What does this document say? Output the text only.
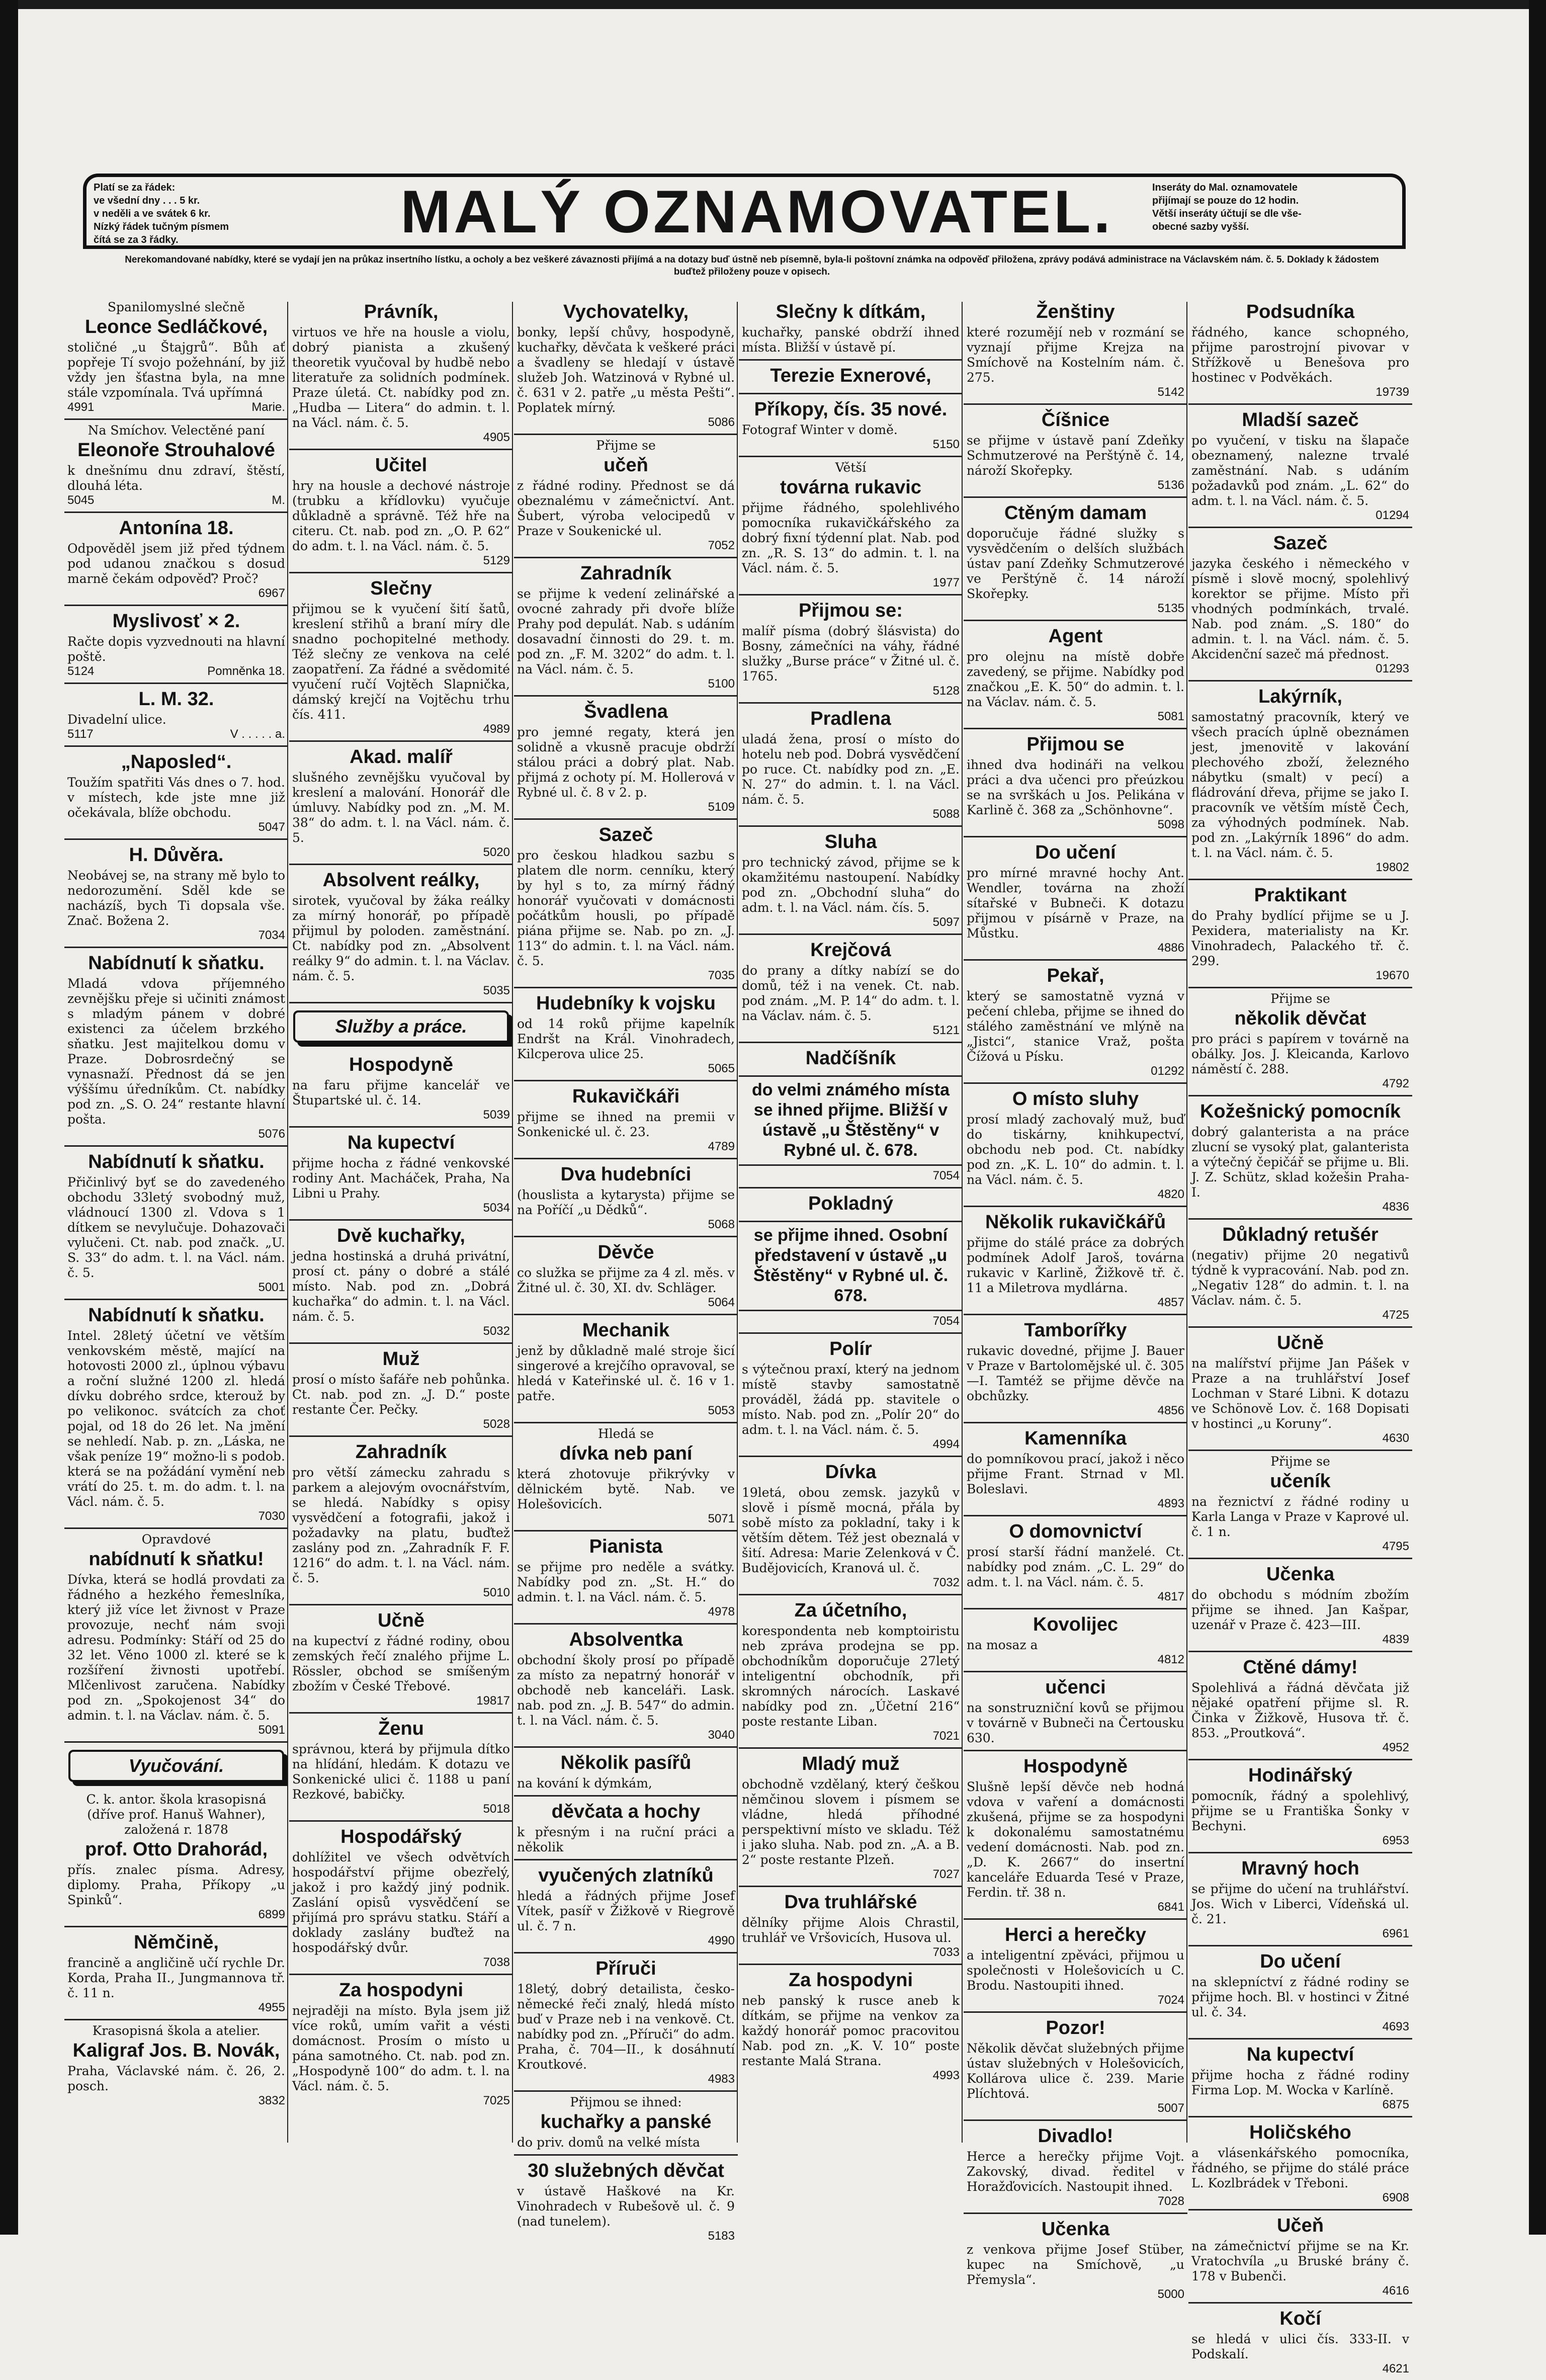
Platí se za řádek:
ve všední dny . . . 5 kr.
v neděli a ve svátek 6 kr.
Nízký řádek tučným písmem
čítá se za 3 řádky.	MALÝ OZNAMOVATEL.	Inseráty do Mal. oznamovatele
přijímají se pouze do 12 hodin.
Větší inseráty účtují se dle vše-
obecné sazby vyšší.
Nerekomandované nabídky, které se vydají jen na průkaz insertního lístku, a ocholy a bez veškeré závaznosti přijímá a na dotazy buď ústně neb písemně, byla-li poštovní známka na odpověď přiložena, zprávy podává administrace na Václavském nám. č. 5. Doklady k žádostem buďtež přiloženy pouze v opisech.
Spanilomyslné slečně
Leonce Sedláčkové,
stoličné „u Štajgrů“. Bůh ať popřeje Tí svojo požehnání, by již vždy jen šťastna byla, na mne stále vzpomínala. Tvá upřímná
4991	Marie.
Na Smíchov. Velectěné paní
Eleonoře Strouhalové
k dnešnímu dnu zdraví, štěstí, dlouhá léta.
5045	M.
Antonína 18.
Odpověděl jsem již před týdnem pod udanou značkou s dosud marně čekám odpověď? Proč?
6967
Myslivosť × 2.
Račte dopis vyzvednouti na hlavní poště.
5124	Pomněnka 18.
L. M. 32.
Divadelní ulice.
5117	V . . . . . a.
„Naposled“.
Toužím spatřiti Vás dnes o 7. hod. v místech, kde jste mne již očekávala, blíže obchodu.
5047
H. Důvěra.
Neobávej se, na strany mě bylo to nedorozumění. Sděl kde se nacházíš, bych Ti dopsala vše. Znač. Božena 2.
7034
Nabídnutí k sňatku.
Mladá vdova příjemného zevnějšku přeje si učiniti známost s mladým pánem v dobré existenci za účelem brzkého sňatku. Jest majitelkou domu v Praze. Dobrosrdečný se vynasnaží. Přednost dá se jen výššímu úředníkům. Ct. nabídky pod zn. „S. O. 24“ restante hlavní pošta.
5076
Nabídnutí k sňatku.
Přičinlivý byť se do zavedeného obchodu 33letý svobodný muž, vládnoucí 1300 zl. Vdova s 1 dítkem se nevylučuje. Dohazovači vylučeni. Ct. nab. pod značk. „U. S. 33“ do adm. t. l. na Václ. nám. č. 5.
5001
Nabídnutí k sňatku.
Intel. 28letý účetní ve větším venkovském městě, mající na hotovosti 2000 zl., úplnou výbavu a roční služné 1200 zl. hledá dívku dobrého srdce, kterouž by po velikonoc. svátcích za choť pojal, od 18 do 26 let. Na jmění se nehledí. Nab. p. zn. „Láska, ne však peníze 19“ možno-li s podob. která se na požádání vymění neb vrátí do 25. t. m. do adm. t. l. na Václ. nám. č. 5.
7030
Opravdové
nabídnutí k sňatku!
Dívka, která se hodlá provdati za řádného a hezkého řemeslníka, který již více let živnost v Praze provozuje, nechť nám svoji adresu. Podmínky: Stáří od 25 do 32 let. Věno 1000 zl. které se k rozšíření živnosti upotřebí. Mlčenlivost zaručena. Nabídky pod zn. „Spokojenost 34“ do admin. t. l. na Václav. nám. č. 5.
5091
Vyučování.
C. k. antor. škola krasopisná (dříve prof. Hanuš Wahner), založená r. 1878
prof. Otto Drahorád,
přís. znalec písma. Adresy, diplomy. Praha, Příkopy „u Spinků“.
6899
Němčině,
francině a angličině učí rychle Dr. Korda, Praha II., Jungmannova tř. č. 11 n.
4955
Krasopisná škola a atelier.
Kaligraf Jos. B. Novák,
Praha, Václavské nám. č. 26, 2. posch.
3832
Právník,
virtuos ve hře na housle a violu, dobrý pianista a zkušený theoretik vyučoval by hudbě nebo literatuře za solidních podmínek. Praze úletá. Ct. nabídky pod zn. „Hudba — Litera“ do admin. t. l. na Václ. nám. č. 5.
4905
Učitel
hry na housle a dechové nástroje (trubku a křídlovku) vyučuje důkladně a správně. Též hře na citeru. Ct. nab. pod zn. „O. P. 62“ do adm. t. l. na Václ. nám. č. 5.
5129
Slečny
přijmou se k vyučení šití šatů, kreslení střihů a braní míry dle snadno pochopitelné methody. Též slečny ze venkova na celé zaopatření. Za řádné a svědomité vyučení ručí Vojtěch Slapnička, dámský krejčí na Vojtěchu trhu čís. 411.
4989
Akad. malíř
slušného zevnějšku vyučoval by kreslení a malování. Honorář dle úmluvy. Nabídky pod zn. „M. M. 38“ do adm. t. l. na Václ. nám. č. 5.
5020
Absolvent reálky,
sirotek, vyučoval by žáka reálky za mírný honorář, po případě přijmul by poloden. zaměstnání. Ct. nabídky pod zn. „Absolvent reálky 9“ do admin. t. l. na Václav. nám. č. 5.
5035
Služby a práce.
Hospodyně
na faru přijme kancelář ve Štupartské ul. č. 14.
5039
Na kupectví
přijme hocha z řádné venkovské rodiny Ant. Macháček, Praha, Na Libni u Prahy.
5034
Dvě kuchařky,
jedna hostinská a druhá privátní, prosí ct. pány o dobré a stálé místo. Nab. pod zn. „Dobrá kuchařka“ do admin. t. l. na Václ. nám. č. 5.
5032
Muž
prosí o místo šafáře neb pohůnka. Ct. nab. pod zn. „J. D.“ poste restante Čer. Pečky.
5028
Zahradník
pro větší zámecku zahradu s parkem a alejovým ovocnářstvím, se hledá. Nabídky s opisy vysvědčení a fotografii, jakož i požadavky na platu, buďtež zaslány pod zn. „Zahradník F. F. 1216“ do adm. t. l. na Václ. nám. č. 5.
5010
Učně
na kupectví z řádné rodiny, obou zemských řečí znalého přijme L. Rössler, obchod se smíšeným zbožím v České Třebové.
19817
Ženu
správnou, která by přijmula dítko na hlídání, hledám. K dotazu ve Sonkenické ulici č. 1188 u paní Rezkové, babičky.
5018
Hospodářský
dohlížitel ve všech odvětvích hospodářství přijme obezřelý, jakož i pro každý jiný podnik. Zaslání opisů vysvědčení se přijímá pro správu statku. Stáří a doklady zaslány buďtež na hospodářský dvůr.
7038
Za hospodyni
nejraději na místo. Byla jsem již více roků, umím vařit a vésti domácnost. Prosím o místo u pána samotného. Ct. nab. pod zn. „Hospodyně 100“ do adm. t. l. na Václ. nám. č. 5.
7025
Vychovatelky,
bonky, lepší chůvy, hospodyně, kuchařky, děvčata k veškeré práci a švadleny se hledají v ústavě služeb Joh. Watzinová v Rybné ul. č. 631 v 2. patře „u města Pešti“. Poplatek mírný.
5086
Přijme se
učeň
z řádné rodiny. Přednost se dá obeznalému v zámečnictví. Ant. Šubert, výroba velocipedů v Praze v Soukenické ul.
7052
Zahradník
se přijme k vedení zelinářské a ovocné zahrady při dvoře blíže Prahy pod depulát. Nab. s udáním dosavadní činnosti do 29. t. m. pod zn. „F. M. 3202“ do adm. t. l. na Václ. nám. č. 5.
5100
Švadlena
pro jemné regaty, která jen solidně a vkusně pracuje obdrží stálou práci a dobrý plat. Nab. přijmá z ochoty pí. M. Hollerová v Rybné ul. č. 8 v 2. p.
5109
Sazeč
pro českou hladkou sazbu s platem dle norm. cenníku, který by hyl s to, za mírný řádný honorář vyučovati v domácnosti počátkům housli, po případě piána přijme se. Nab. po zn. „J. 113“ do admin. t. l. na Václ. nám. č. 5.
7035
Hudebníky k vojsku
od 14 roků přijme kapelník Endršt na Král. Vinohradech, Kilcperova ulice 25.
5065
Rukavičkáři
přijme se ihned na premii v Sonkenické ul. č. 23.
4789
Dva hudebníci
(houslista a kytarysta) přijme se na Poříčí „u Dědků“.
5068
Děvče
co služka se přijme za 4 zl. měs. v Žitné ul. č. 30, XI. dv. Schläger.
5064
Mechanik
jenž by důkladně malé stroje šicí singerové a krejčího opravoval, se hledá v Kateřinské ul. č. 16 v 1. patře.
5053
Hledá se
dívka neb paní
která zhotovuje přikrývky v dělnickém bytě. Nab. ve Holešovicích.
5071
Pianista
se přijme pro neděle a svátky. Nabídky pod zn. „St. H.“ do admin. t. l. na Václ. nám. č. 5.
4978
Absolventka
obchodní školy prosí po případě za místo za nepatrný honorář v obchodě neb kanceláři. Lask. nab. pod zn. „J. B. 547“ do admin. t. l. na Václ. nám. č. 5.
3040
Několik pasířů
na kování k dýmkám,
děvčata a hochy
k přesným i na ruční práci a několik
vyučených zlatníků
hledá a řádných přijme Josef Vítek, pasíř v Žižkově v Riegrově ul. č. 7 n.
4990
Příruči
18letý, dobrý detailista, česko-německé řeči znalý, hledá místo buď v Praze neb i na venkově. Ct. nabídky pod zn. „Příruči“ do adm. Praha, č. 704—II., k dosáhnutí Kroutkové.
4983
Přijmou se ihned:
kuchařky a panské
do priv. domů na velké místa
30 služebných děvčat
v ústavě Haškové na Kr. Vinohradech v Rubešově ul. č. 9 (nad tunelem).
5183
Slečny k dítkám,
kuchařky, panské obdrží ihned místa. Bližší v ústavě pí.
Terezie Exnerové,
Příkopy, čís. 35 nové.
Fotograf Winter v domě.
5150
Větší
továrna rukavic
přijme řádného, spolehlivého pomocníka rukavičkářského za dobrý fixní týdenní plat. Nab. pod zn. „R. S. 13“ do admin. t. l. na Václ. nám. č. 5.
1977
Přijmou se:
malíř písma (dobrý šlásvista) do Bosny, zámečníci na váhy, řádné služky „Burse práce“ v Žitné ul. č. 1765.
5128
Pradlena
uladá žena, prosí o místo do hotelu neb pod. Dobrá vysvědčení po ruce. Ct. nabídky pod zn. „E. N. 27“ do admin. t. l. na Václ. nám. č. 5.
5088
Sluha
pro technický závod, přijme se k okamžitému nastoupení. Nabídky pod zn. „Obchodní sluha“ do adm. t. l. na Václ. nám. čís. 5.
5097
Krejčová
do prany a dítky nabízí se do domů, též i na venek. Ct. nab. pod znám. „M. P. 14“ do adm. t. l. na Václav. nám. č. 5.
5121
Nadčíšník
do velmi známého místa se ihned přijme. Bližší v ústavě „u Štěstěny“ v Rybné ul. č. 678.
7054
Pokladný
se přijme ihned. Osobní představení v ústavě „u Štěstěny“ v Rybné ul. č. 678.
7054
Polír
s výtečnou praxí, který na jednom místě stavby samostatně prováděl, žádá pp. stavitele o místo. Nab. pod zn. „Polír 20“ do adm. t. l. na Václ. nám. č. 5.
4994
Dívka
19letá, obou zemsk. jazyků v slově i písmě mocná, přála by sobě místo za pokladní, taky i k větším dětem. Též jest obeznalá v šití. Adresa: Marie Zelenková v Č. Budějovicích, Kranová ul. č.
7032
Za účetního,
korespondenta neb komptoiristu neb zpráva prodejna se pp. obchodníkům doporučuje 27letý inteligentní obchodník, při skromných nárocích. Laskavé nabídky pod zn. „Účetní 216“ poste restante Liban.
7021
Mladý muž
obchodně vzdělaný, který češkou němčinou slovem i písmem se vládne, hledá příhodné perspektivní místo ve skladu. Též i jako sluha. Nab. pod zn. „A. a B. 2“ poste restante Plzeň.
7027
Dva truhlářské
dělníky přijme Alois Chrastil, truhlář ve Vršovicích, Husova ul.
7033
Za hospodyni
neb panský k rusce aneb k dítkám, se přijme na venkov za každý honorář pomoc pracovitou Nab. pod zn. „K. V. 10“ poste restante Malá Strana.
4993
Ženštiny
které rozumějí neb v rozmání se vyznají přijme Krejza na Smíchově na Kostelním nám. č. 275.
5142
Číšnice
se přijme v ústavě paní Zdeňky Schmutzerové na Perštýně č. 14, nároží Skořepky.
5136
Ctěným damam
doporučuje řádné služky s vysvědčením o delších službách ústav paní Zdeňky Schmutzerové ve Perštýně č. 14 nároží Skořepky.
5135
Agent
pro olejnu na místě dobře zavedený, se přijme. Nabídky pod značkou „E. K. 50“ do admin. t. l. na Václav. nám. č. 5.
5081
Přijmou se
ihned dva hodináři na velkou práci a dva učenci pro přeúzkou se na svrškách u Jos. Pelikána v Karlině č. 368 za „Schönhovne“.
5098
Do učení
pro mírné mravné hochy Ant. Wendler, továrna na zhoží sítařské v Bubneči. K dotazu přijmou v písárně v Praze, na Můstku.
4886
Pekař,
který se samostatně vyzná v pečení chleba, přijme se ihned do stálého zaměstnání ve mlýně na „Jistci“, stanice Vraž, pošta Čížová u Písku.
01292
O místo sluhy
prosí mladý zachovalý muž, buď do tiskárny, knihkupectví, obchodu neb pod. Ct. nabídky pod zn. „K. L. 10“ do admin. t. l. na Václ. nám. č. 5.
4820
Několik rukavičkářů
přijme do stálé práce za dobrých podmínek Adolf Jaroš, továrna rukavic v Karlině, Žižkově tř. č. 11 a Miletrova mydlárna.
4857
Tamborířky
rukavic dovedné, přijme J. Bauer v Praze v Bartolomějské ul. č. 305—I. Tamtéž se přijme děvče na obchůzky.
4856
Kamenníka
do pomníkovou prací, jakož i něco přijme Frant. Strnad v Ml. Boleslavi.
4893
O domovnictví
prosí starší řádní manželé. Ct. nabídky pod znám. „C. L. 29“ do adm. t. l. na Václ. nám. č. 5.
4817
Kovolijec
na mosaz a
4812
učenci
na sonstruzniční kovů se přijmou v továrně v Bubneči na Čertousku 630.
Hospodyně
Slušně lepší děvče neb hodná vdova v vaření a domácnosti zkušená, přijme se za hospodyni k dokonalému samostatnému vedení domácnosti. Nab. pod zn. „D. K. 2667“ do insertní kanceláře Eduarda Tesé v Praze, Ferdin. tř. 38 n.
6841
Herci a herečky
a inteligentní zpěváci, přijmou u společnosti v Holešovicích u C. Brodu. Nastoupiti ihned.
7024
Pozor!
Několik děvčat služebných přijme ústav služebných v Holešovicích, Kollárova ulice č. 239. Marie Plíchtová.
5007
Divadlo!
Herce a herečky přijme Vojt. Zakovský, divad. ředitel v Horažďovicích. Nastoupit ihned.
7028
Učenka
z venkova přijme Josef Stüber, kupec na Smíchově, „u Přemysla“.
5000
Podsudníka
řádného, kance schopného, přijme parostrojní pivovar v Střížkově u Benešova pro hostinec v Podvěkách.
19739
Mladší sazeč
po vyučení, v tisku na šlapače obeznamený, nalezne trvalé zaměstnání. Nab. s udáním požadavků pod znám. „L. 62“ do adm. t. l. na Václ. nám. č. 5.
01294
Sazeč
jazyka českého i německého v písmě i slově mocný, spolehlivý korektor se přijme. Místo při vhodných podmínkách, trvalé. Nab. pod znám. „S. 180“ do admin. t. l. na Václ. nám. č. 5. Akcidenční sazeč má přednost.
01293
Lakýrník,
samostatný pracovník, který ve všech pracích úplně obeznámen jest, jmenovitě v lakování plechového zboží, železného nábytku (smalt) v pecí) a fládrování dřeva, přijme se jako I. pracovník ve větším místě Čech, za výhodných podmínek. Nab. pod zn. „Lakýrník 1896“ do adm. t. l. na Václ. nám. č. 5.
19802
Praktikant
do Prahy bydlící přijme se u J. Pexidera, materialisty na Kr. Vinohradech, Palackého tř. č. 299.
19670
Přijme se
několik děvčat
pro práci s papírem v továrně na obálky. Jos. J. Kleicanda, Karlovo náměstí č. 288.
4792
Kožešnický pomocník
dobrý galanterista a na práce zlucní se vysoký plat, galanterista a výtečný čepičář se přijme u. Bli. J. Z. Schütz, sklad kožešin Praha-I.
4836
Důkladný retušér
(negativ) přijme 20 negativů týdně k vypracování. Nab. pod zn. „Negativ 128“ do admin. t. l. na Václav. nám. č. 5.
4725
Učně
na malířství přijme Jan Pášek v Praze a na truhlářství Josef Lochman v Staré Libni. K dotazu ve Schönově Lov. č. 168 Dopisati v hostinci „u Koruny“.
4630
Přijme se
učeník
na řeznictví z řádné rodiny u Karla Langa v Praze v Kaprové ul. č. 1 n.
4795
Učenka
do obchodu s módním zbožím přijme se ihned. Jan Kašpar, uzenář v Praze č. 423—III.
4839
Ctěné dámy!
Spolehlivá a řádná děvčata již nějaké opatření přijme sl. R. Činka v Žižkově, Husova tř. č. 853. „Proutková“.
4952
Hodinářský
pomocník, řádný a spolehlivý, přijme se u Františka Šonky v Bechyni.
6953
Mravný hoch
se přijme do učení na truhlářství. Jos. Wich v Liberci, Vídeňská ul. č. 21.
6961
Do učení
na sklepníctví z řádné rodiny se přijme hoch. Bl. v hostinci v Žitné ul. č. 34.
4693
Na kupectví
přijme hocha z řádné rodiny Firma Lop. M. Wocka v Karlíně.
6875
Holičského
a vlásenkářského pomocníka, řádného, se přijme do stálé práce L. Kozlbrádek v Třeboni.
6908
Učeň
na zámečnictví přijme se na Kr. Vratochvíla „u Bruské brány č. 178 v Bubenči.
4616
Kočí
se hledá v ulici čís. 333-II. v Podskalí.
4621
